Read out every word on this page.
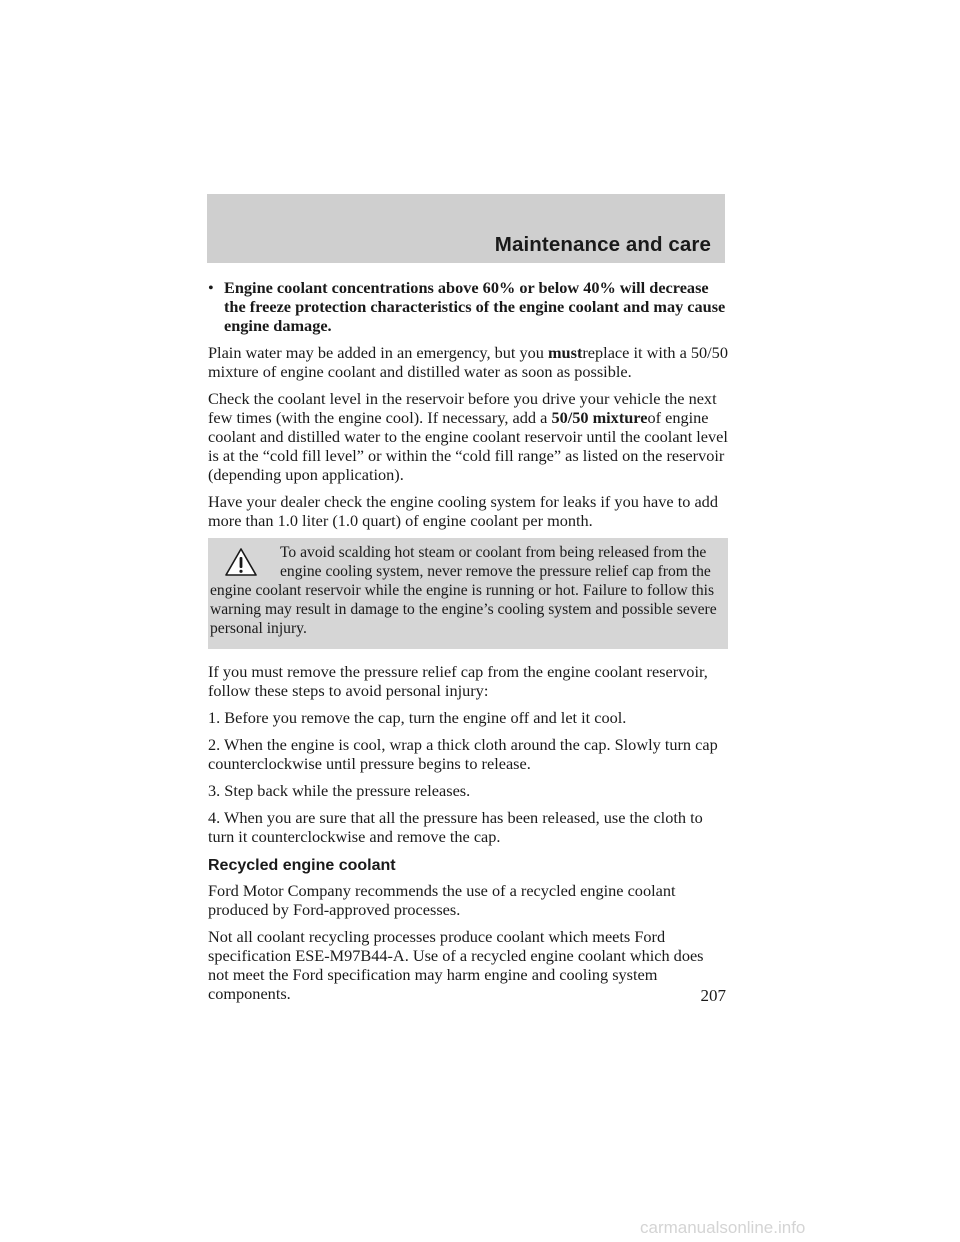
Maintenance and care
• Engine coolant concentrations above 60% or below 40% will decrease the freeze protection characteristics of the engine coolant and may cause engine damage.

Plain water may be added in an emergency, but you mustreplace it with a 50/50 mixture of engine coolant and distilled water as soon as possible.

Check the coolant level in the reservoir before you drive your vehicle the next few times (with the engine cool). If necessary, add a 50/50 mixtureof engine coolant and distilled water to the engine coolant reservoir until the coolant level is at the “cold fill level” or within the “cold fill range” as listed on the reservoir (depending upon application).

Have your dealer check the engine cooling system for leaks if you have to add more than 1.0 liter (1.0 quart) of engine coolant per month.

To avoid scalding hot steam or coolant from being released from the engine cooling system, never remove the pressure relief cap from the engine coolant reservoir while the engine is running or hot. Failure to follow this warning may result in damage to the engine’s cooling system and possible severe personal injury.

If you must remove the pressure relief cap from the engine coolant reservoir, follow these steps to avoid personal injury:

1. Before you remove the cap, turn the engine off and let it cool.

2. When the engine is cool, wrap a thick cloth around the cap. Slowly turn cap counterclockwise until pressure begins to release.

3. Step back while the pressure releases.

4. When you are sure that all the pressure has been released, use the cloth to turn it counterclockwise and remove the cap.

Recycled engine coolant

Ford Motor Company recommends the use of a recycled engine coolant produced by Ford-approved processes.

Not all coolant recycling processes produce coolant which meets Ford specification ESE-M97B44-A. Use of a recycled engine coolant which does not meet the Ford specification may harm engine and cooling system components.	207
carmanualsonline.info
